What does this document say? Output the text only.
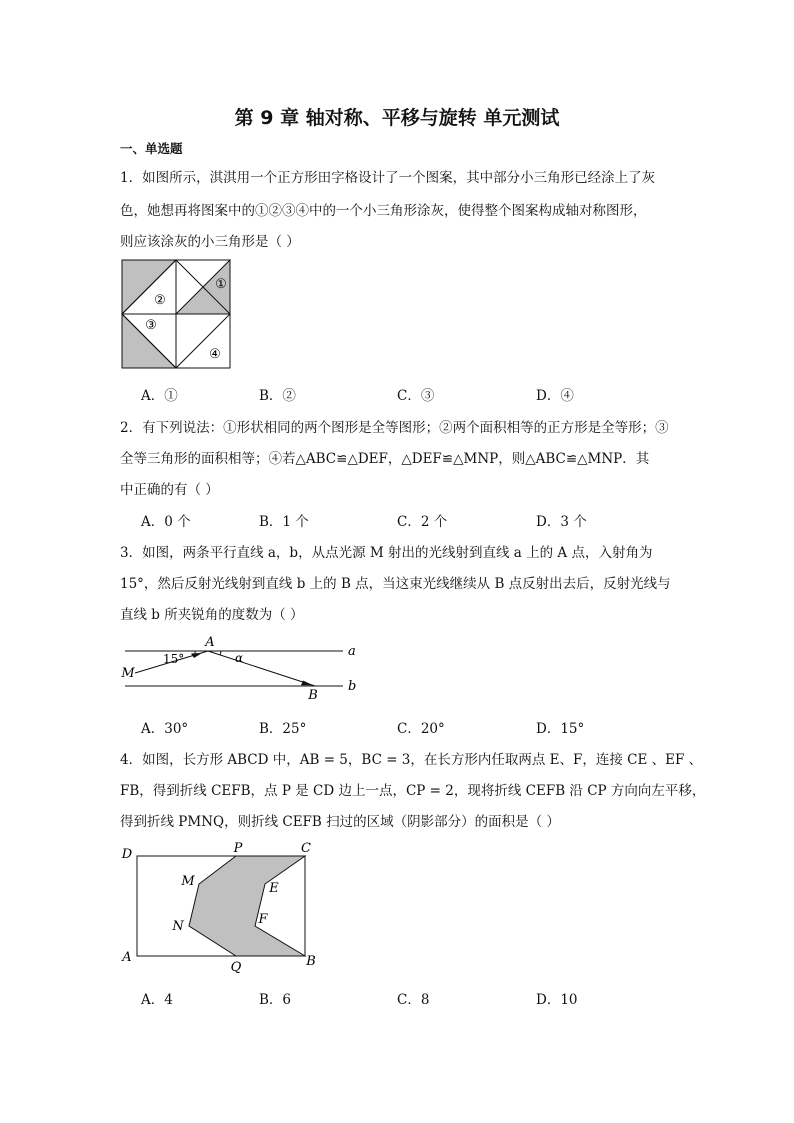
第 9 章 轴对称、平移与旋转 单元测试
一、单选题
1．如图所示，淇淇用一个正方形田字格设计了一个图案，其中部分小三角形已经涂上了灰
色，她想再将图案中的①②③④中的一个小三角形涂灰，使得整个图案构成轴对称图形，
则应该涂灰的小三角形是（ ）
①
②
③
④
A．①	B．②	C．③	D．④
2．有下列说法：①形状相同的两个图形是全等图形；②两个面积相等的正方形是全等形；③
全等三角形的面积相等；④若△ABC≌△DEF，△DEF≌△MNP，则△ABC≌△MNP．其
中正确的有（ ）
A．0 个	B．1 个	C．2 个	D．3 个
3．如图，两条平行直线 a，b，从点光源 M 射出的光线射到直线 a 上的 A 点，入射角为
15°，然后反射光线射到直线 b 上的 B 点，当这束光线继续从 B 点反射出去后，反射光线与
直线 b 所夹锐角的度数为（ ）
A
M
B
a
b
15°	α
A．30°	B．25°	C．20°	D．15°
4．如图，长方形 ABCD 中，AB = 5，BC = 3，在长方形内任取两点 E、F，连接 CE 、EF 、
FB，得到折线 CEFB，点 P 是 CD 边上一点，CP = 2，现将折线 CEFB 沿 CP 方向向左平移，
得到折线 PMNQ，则折线 CEFB 扫过的区域（阴影部分）的面积是（ ）
D	P	C
M	E
F
N
A
Q	B
A．4	B．6	C．8	D．10
